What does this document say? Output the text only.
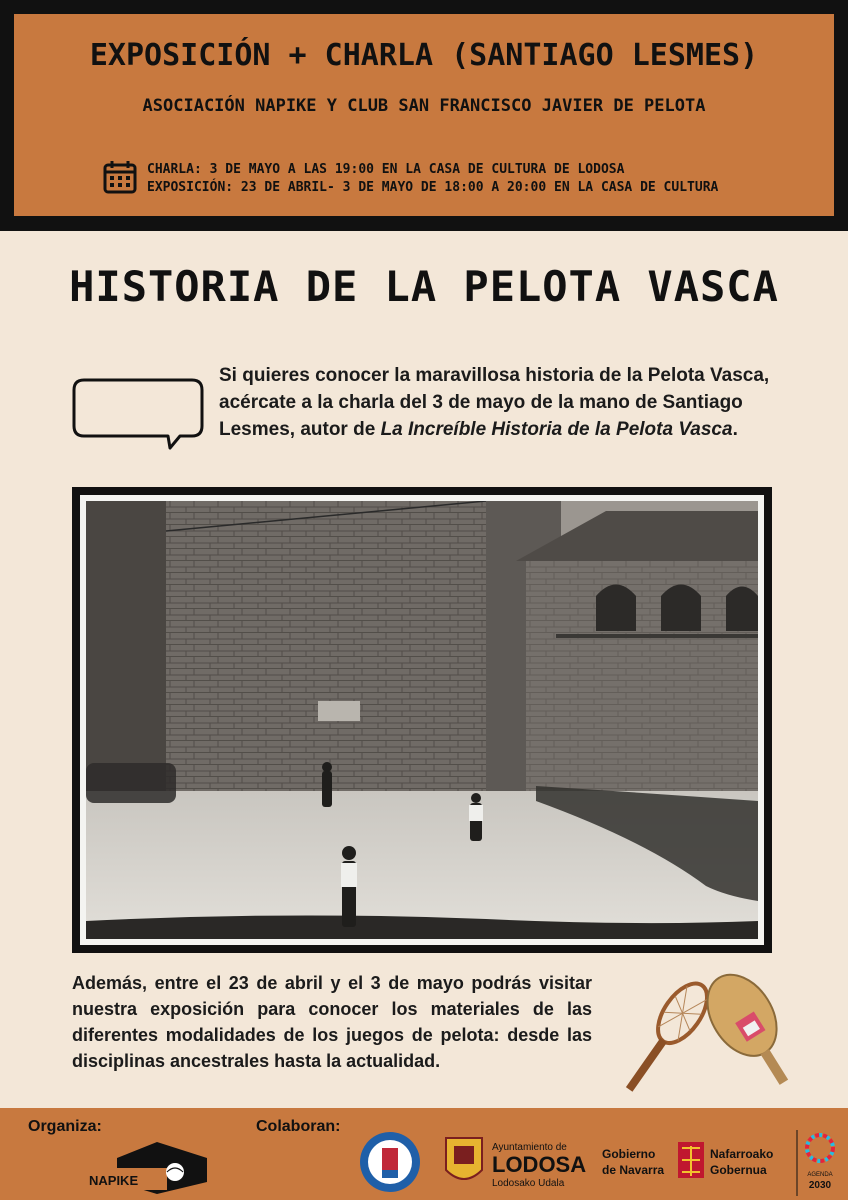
EXPOSICIÓN + CHARLA (SANTIAGO LESMES)
ASOCIACIÓN NAPIKE Y CLUB SAN FRANCISCO JAVIER DE PELOTA
CHARLA: 3 DE MAYO A LAS 19:00 EN LA CASA DE CULTURA DE LODOSA
EXPOSICIÓN: 23 DE ABRIL- 3 DE MAYO DE 18:00 A 20:00 EN LA CASA DE CULTURA
HISTORIA DE LA PELOTA VASCA
Si quieres conocer la maravillosa historia de la Pelota Vasca, acércate a la charla del 3 de mayo de la mano de Santiago Lesmes, autor de La Increíble Historia de la Pelota Vasca.
Además, entre el 23 de abril y el 3 de mayo podrás visitar nuestra exposición para conocer los materiales de las diferentes modalidades de los juegos de pelota: desde las disciplinas ancestrales hasta la actualidad.
Organiza:	Colaboran:
NAPIKE
Ayuntamiento de
LODOSA
Lodosako Udala
Gobierno
de Navarra
Nafarroako
Gobernua	AGENDA
2030
